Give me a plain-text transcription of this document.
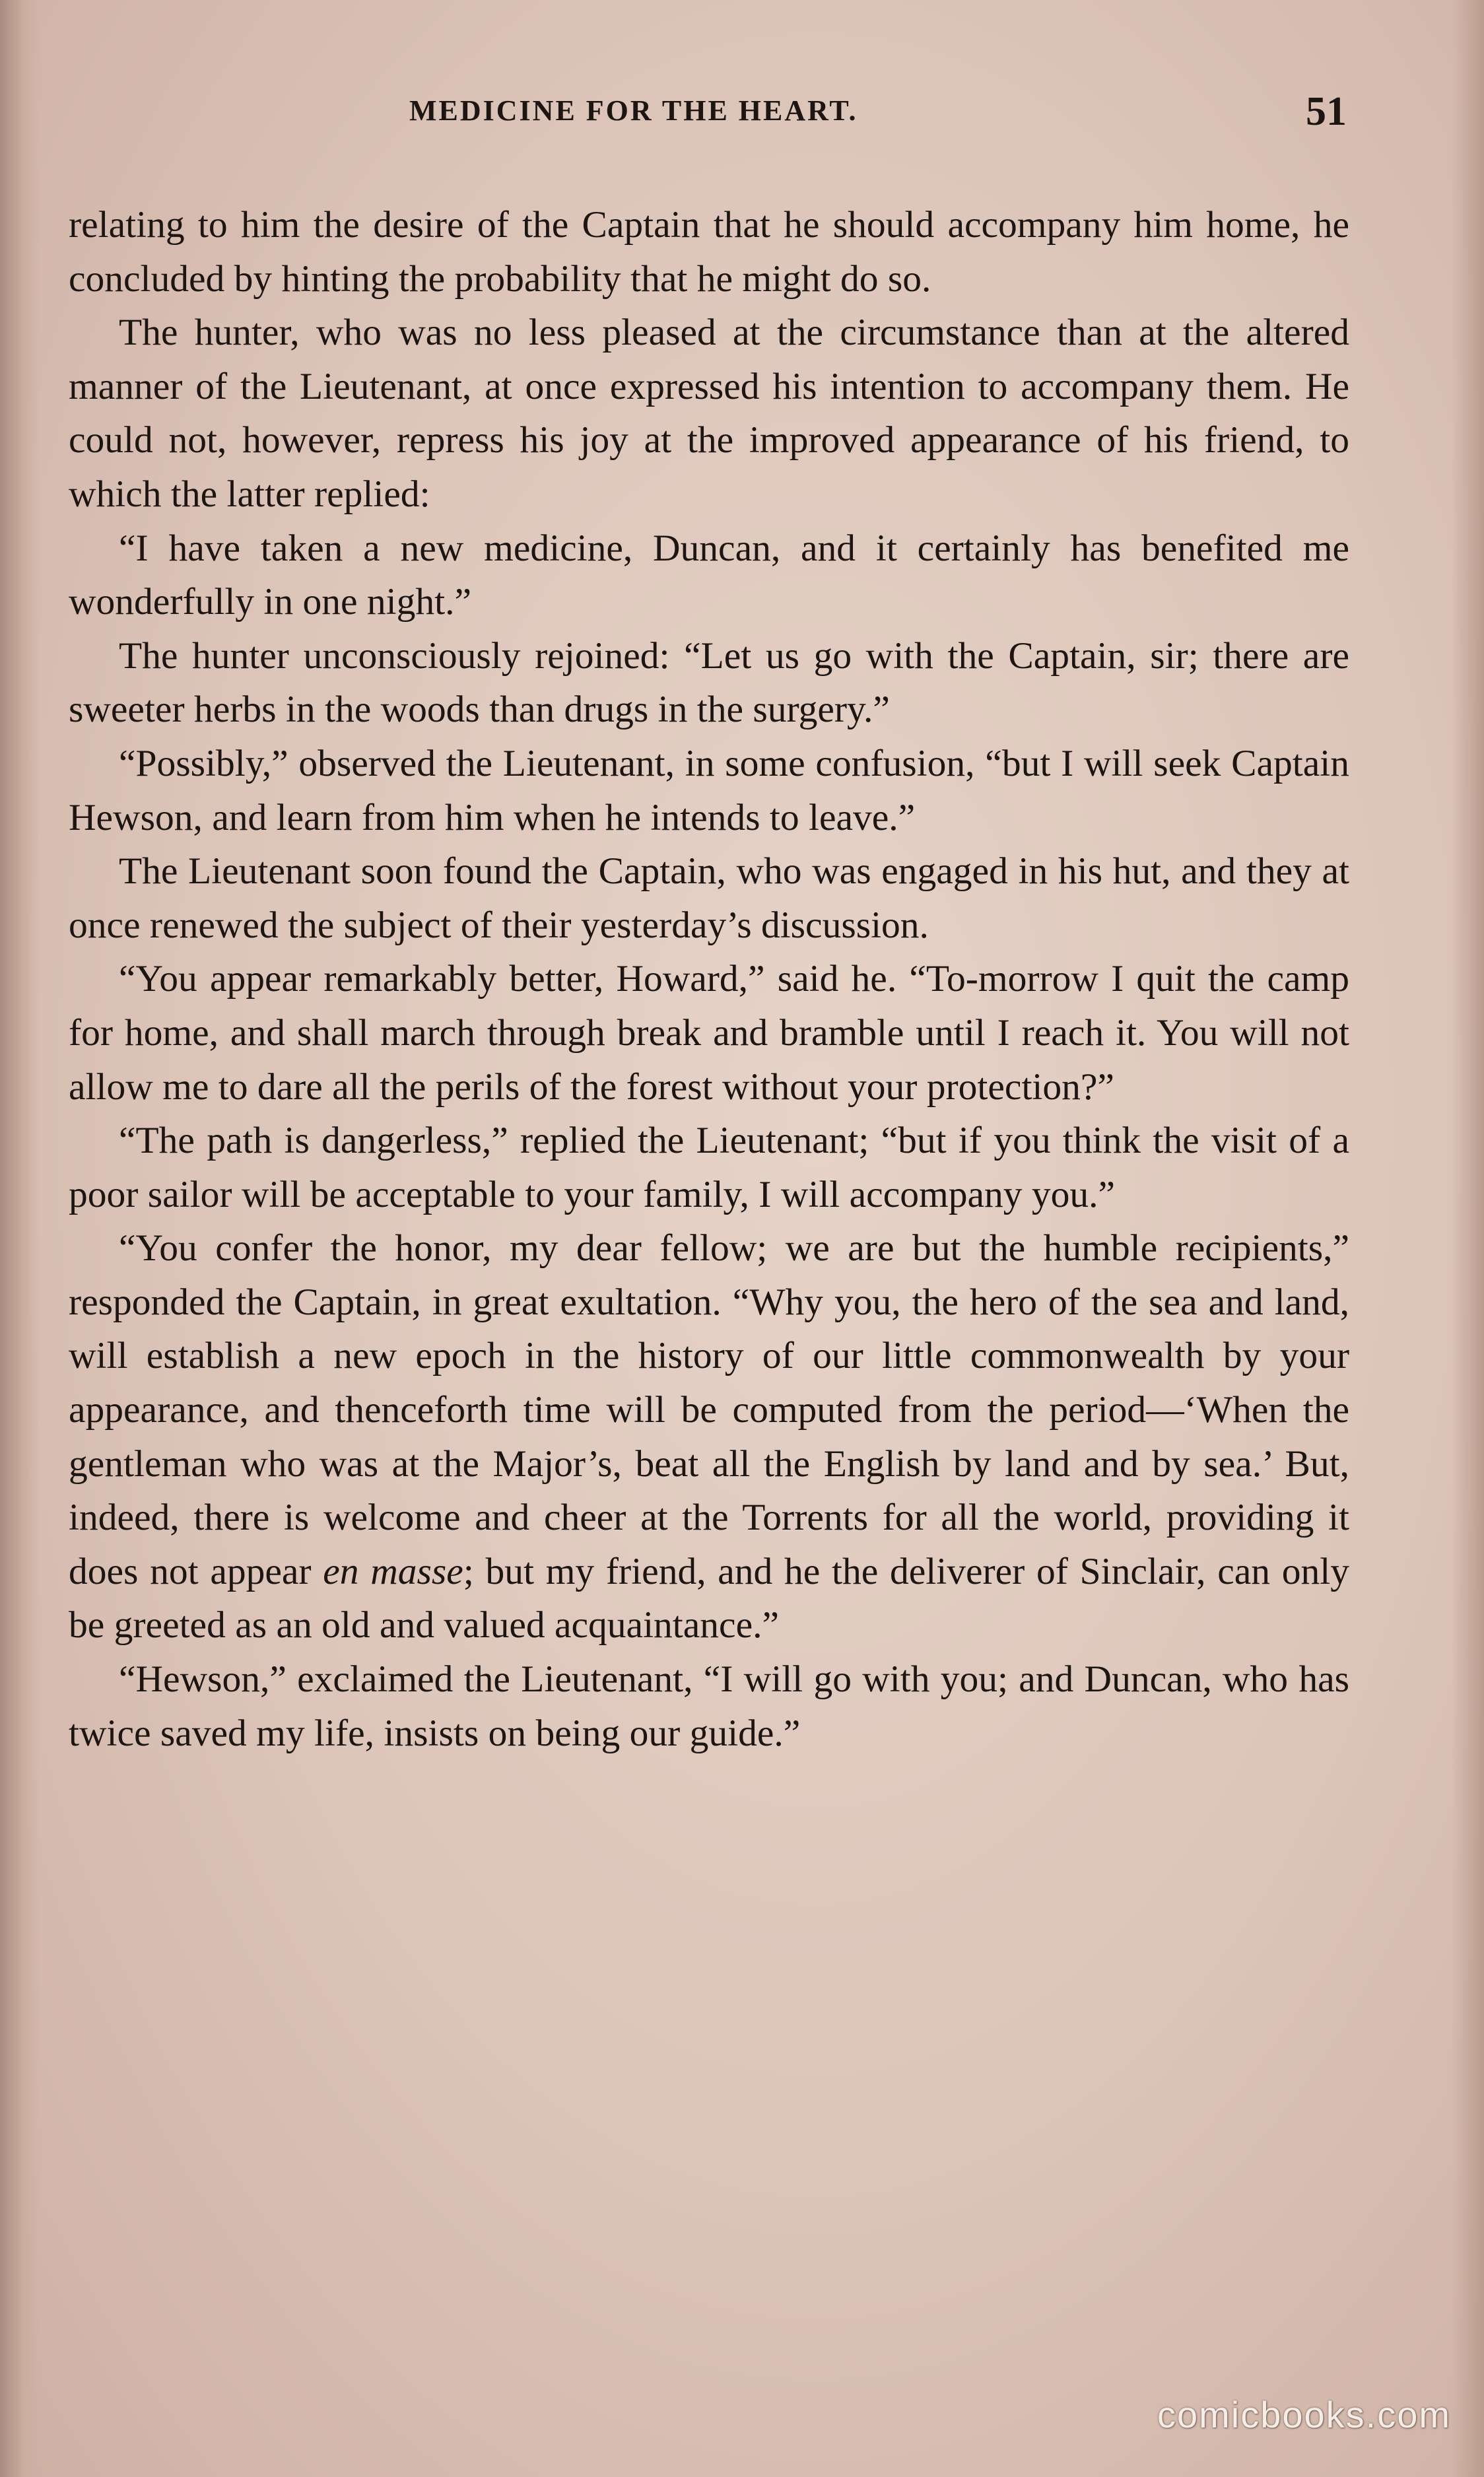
MEDICINE FOR THE HEART.	51

relating to him the desire of the Captain that he should accompany him home, he concluded by hinting the probability that he might do so.

The hunter, who was no less pleased at the circumstance than at the altered manner of the Lieutenant, at once expressed his intention to accompany them. He could not, however, repress his joy at the improved appearance of his friend, to which the latter replied:

“I have taken a new medicine, Duncan, and it certainly has benefited me wonderfully in one night.”

The hunter unconsciously rejoined: “Let us go with the Captain, sir; there are sweeter herbs in the woods than drugs in the surgery.”

“Possibly,” observed the Lieutenant, in some confusion, “but I will seek Captain Hewson, and learn from him when he intends to leave.”

The Lieutenant soon found the Captain, who was engaged in his hut, and they at once renewed the subject of their yesterday’s discussion.

“You appear remarkably better, Howard,” said he. “To-morrow I quit the camp for home, and shall march through break and bramble until I reach it. You will not allow me to dare all the perils of the forest without your protection?”

“The path is dangerless,” replied the Lieutenant; “but if you think the visit of a poor sailor will be acceptable to your family, I will accompany you.”

“You confer the honor, my dear fellow; we are but the humble recipients,” responded the Captain, in great exultation. “Why you, the hero of the sea and land, will establish a new epoch in the history of our little commonwealth by your appearance, and thenceforth time will be computed from the period—‘When the gentleman who was at the Major’s, beat all the English by land and by sea.’ But, indeed, there is welcome and cheer at the Torrents for all the world, providing it does not appear en masse; but my friend, and he the deliverer of Sinclair, can only be greeted as an old and valued acquaintance.”

“Hewson,” exclaimed the Lieutenant, “I will go with you; and Duncan, who has twice saved my life, insists on being our guide.”

comicbooks.com
